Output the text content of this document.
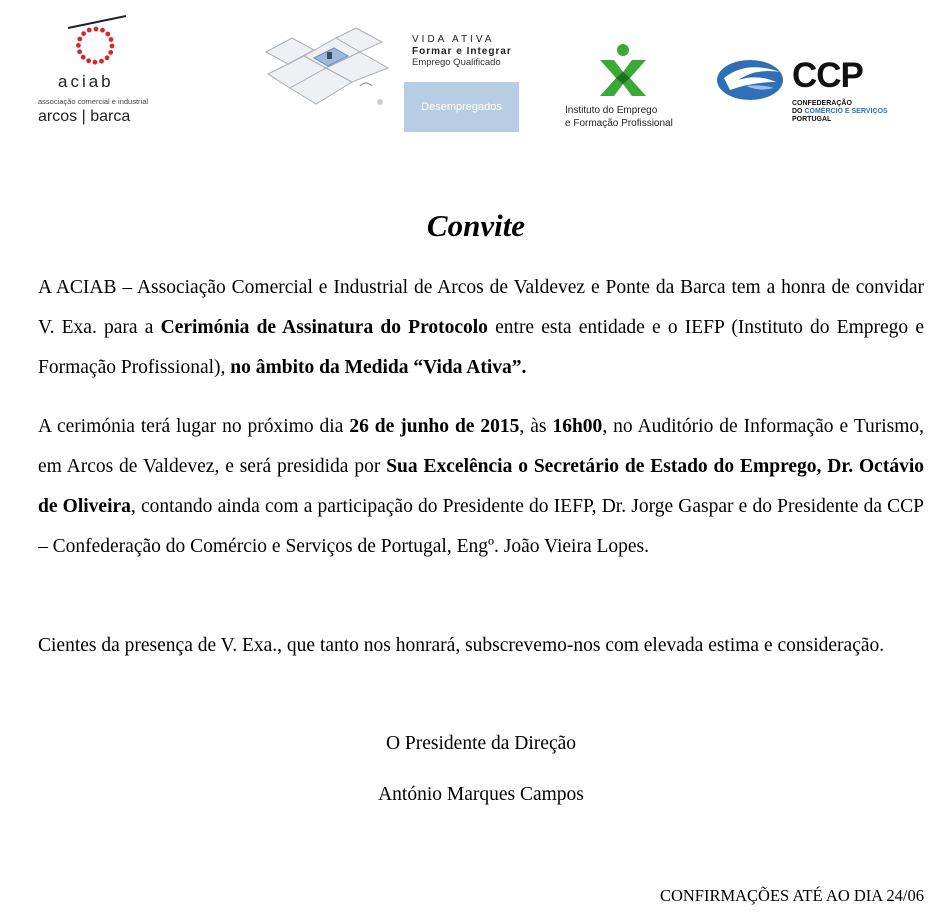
aciab
associação comercial e industrial
arcos | barca
VIDA ATIVA
Formar e Integrar
Emprego Qualificado
Desempregados	Instituto do Emprego
e Formação Profissional
CCP
CONFEDERAÇÃO
DO COMÉRCIO E SERVIÇOS
PORTUGAL
Convite

A ACIAB – Associação Comercial e Industrial de Arcos de Valdevez e Ponte da Barca tem a honra de convidar V. Exa. para a Cerimónia de Assinatura do Protocolo entre esta entidade e o IEFP (Instituto do Emprego e Formação Profissional), no âmbito da Medida “Vida Ativa”.

A cerimónia terá lugar no próximo dia 26 de junho de 2015, às 16h00, no Auditório de Informação e Turismo, em Arcos de Valdevez, e será presidida por Sua Excelência o Secretário de Estado do Emprego, Dr. Octávio de Oliveira, contando ainda com a participação do Presidente do IEFP, Dr. Jorge Gaspar e do Presidente da CCP – Confederação do Comércio e Serviços de Portugal, Engº. João Vieira Lopes.

Cientes da presença de V. Exa., que tanto nos honrará, subscrevemo-nos com elevada estima e consideração.

O Presidente da Direção
António Marques Campos
CONFIRMAÇÕES ATÉ AO DIA 24/06
